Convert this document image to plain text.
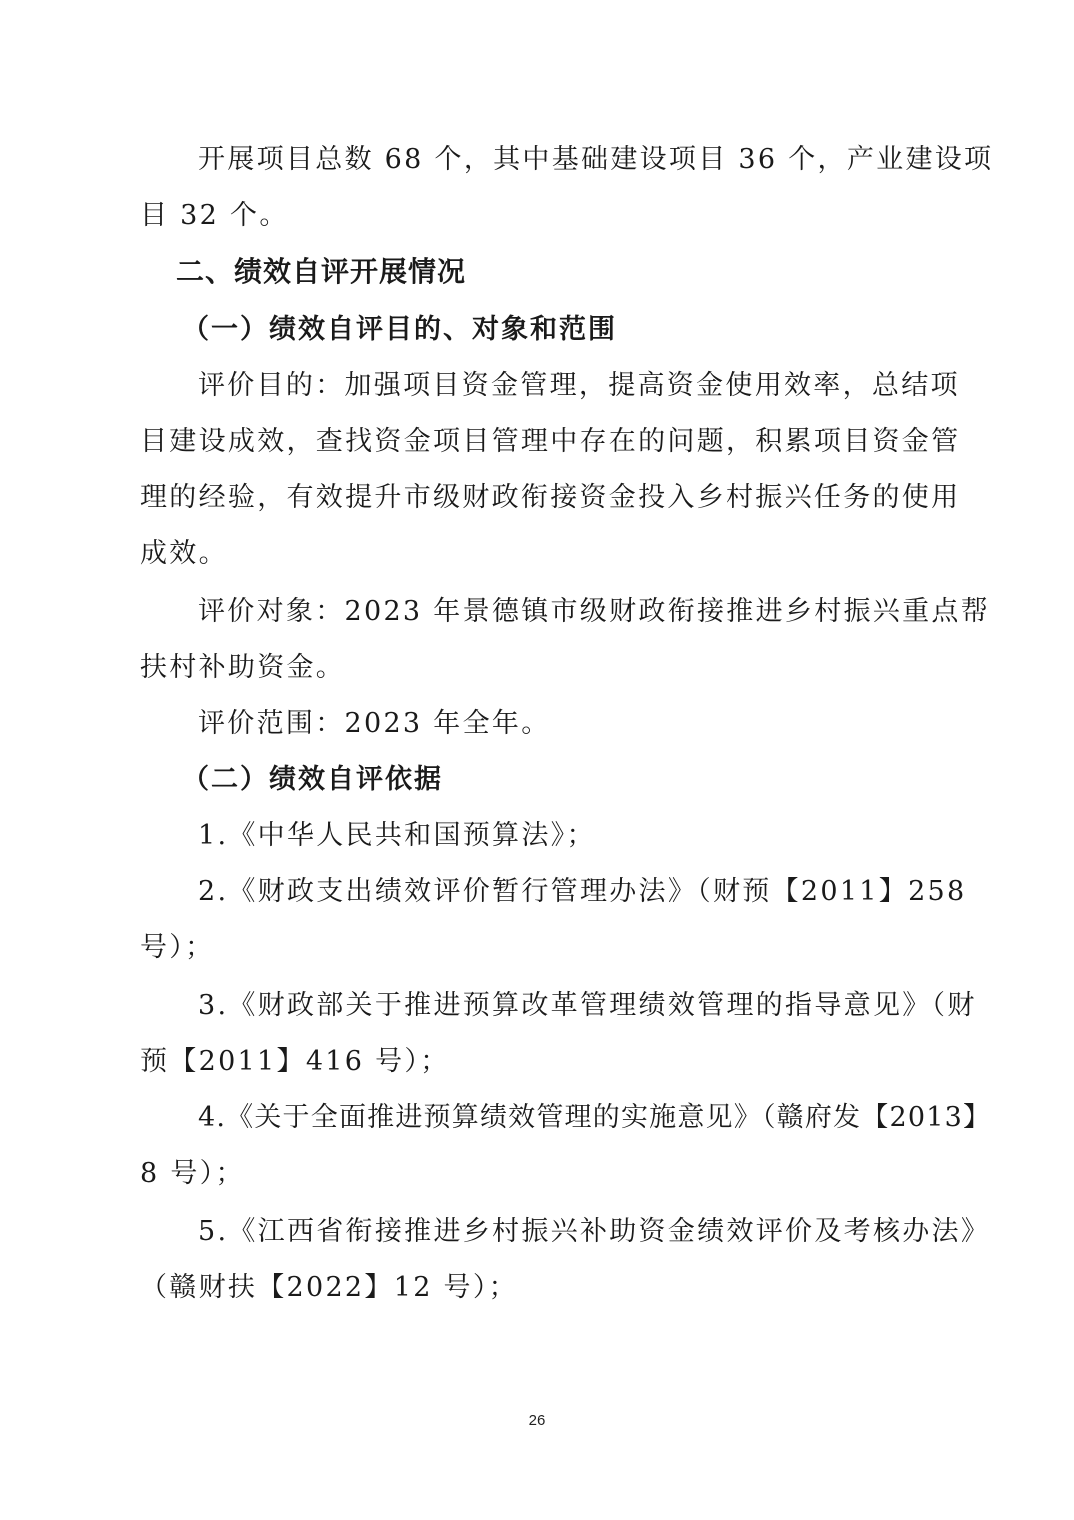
开展项目总数 68 个，其中基础建设项目 36 个，产业建设项
目 32 个。
二、绩效自评开展情况
（一）绩效自评目的、对象和范围
评价目的：加强项目资金管理，提高资金使用效率，总结项
目建设成效，查找资金项目管理中存在的问题，积累项目资金管
理的经验，有效提升市级财政衔接资金投入乡村振兴任务的使用
成效。
评价对象：2023 年景德镇市级财政衔接推进乡村振兴重点帮
扶村补助资金。
评价范围：2023 年全年。
（二）绩效自评依据
1.《中华人民共和国预算法》；
2.《财政支出绩效评价暂行管理办法》（财预【2011】258
号）；
3.《财政部关于推进预算改革管理绩效管理的指导意见》（财
预【2011】416 号）；
4.《关于全面推进预算绩效管理的实施意见》（赣府发【2013】
8 号）；
5.《江西省衔接推进乡村振兴补助资金绩效评价及考核办法》
（赣财扶【2022】12 号）；
26
